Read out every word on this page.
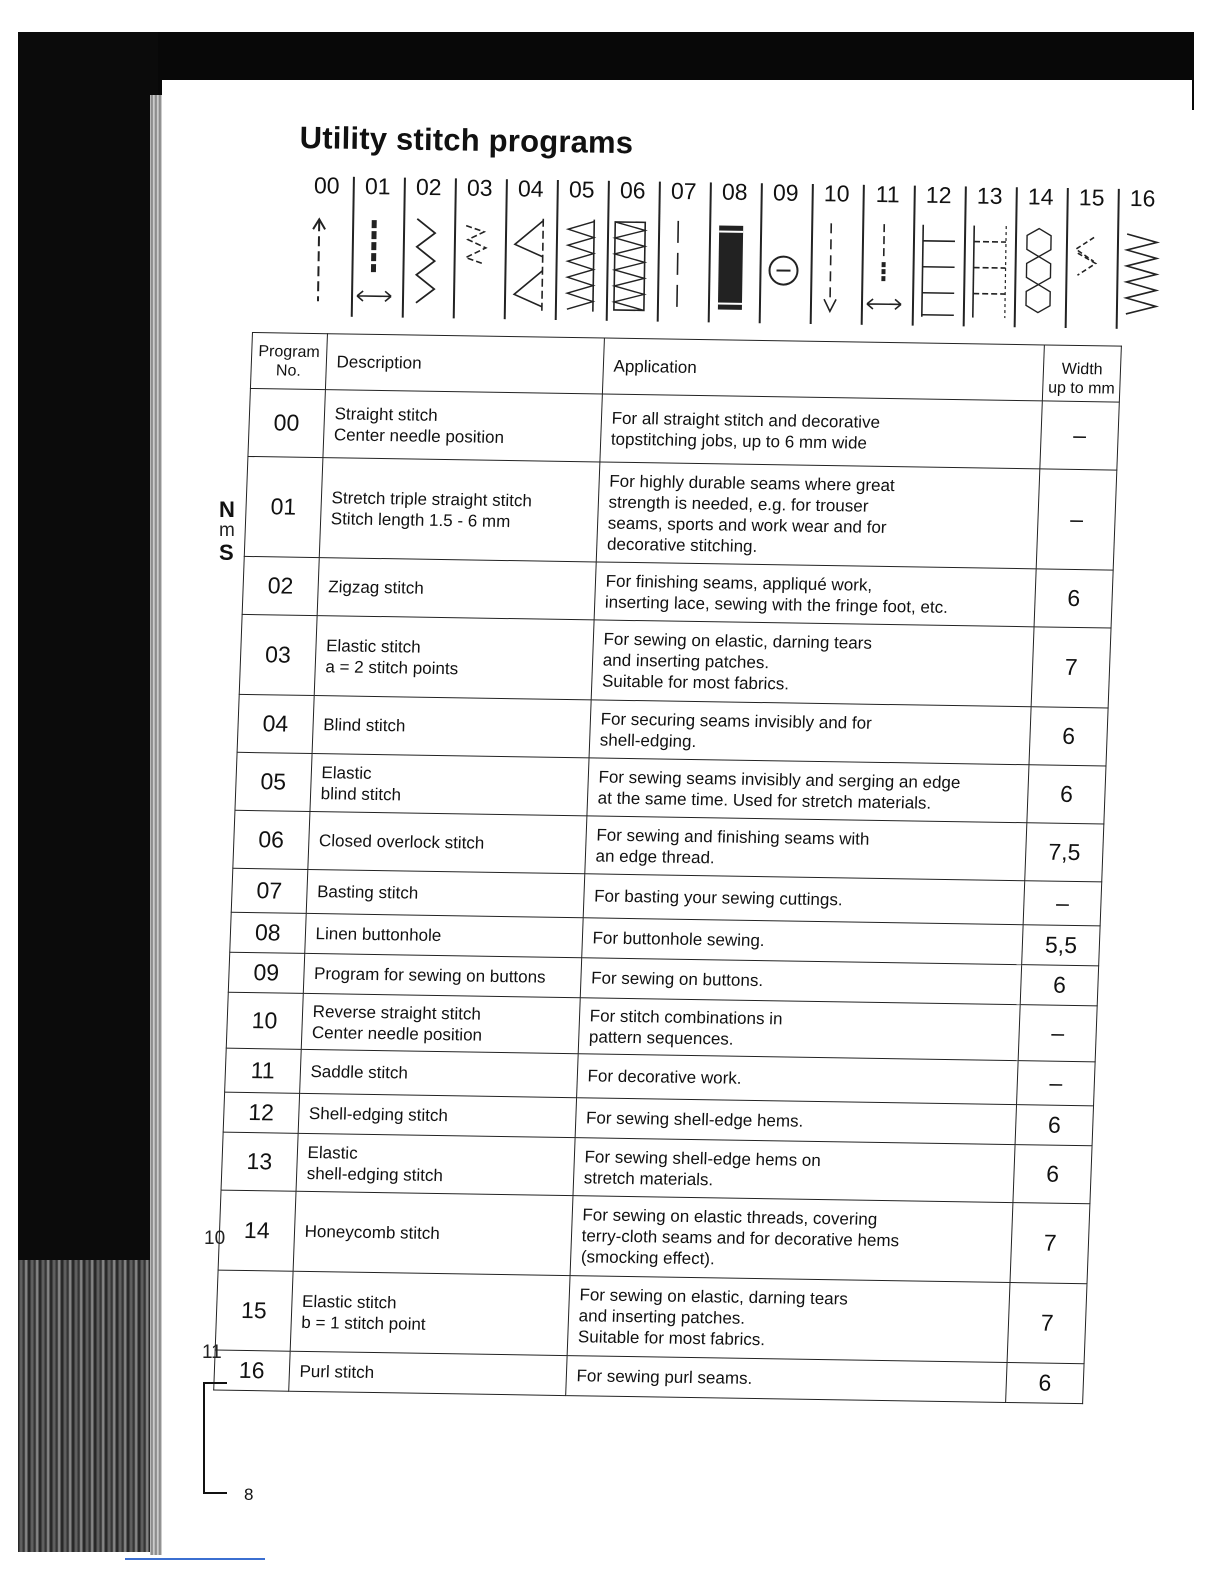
N
m
S
10
11
Utility stitch programs
00	01	02	03	04	05	06	07	08	09	10	11	12	13	14	15	16
Program
No.	Description	Application	Width
up to mm
00	Straight stitch
Center needle position	For all straight stitch and decorative
topstitching jobs, up to 6 mm wide	–
01	Stretch triple straight stitch
Stitch length 1.5 - 6 mm	For highly durable seams where great
strength is needed, e.g. for trouser
seams, sports and work wear and for
decorative stitching.	–
02	Zigzag stitch	For finishing seams, appliqué work,
inserting lace, sewing with the fringe foot, etc.	6
03	Elastic stitch
a = 2 stitch points	For sewing on elastic, darning tears
and inserting patches.
Suitable for most fabrics.	7
04	Blind stitch	For securing seams invisibly and for
shell-edging.	6
05	Elastic
blind stitch	For sewing seams invisibly and serging an edge
at the same time. Used for stretch materials.	6
06	Closed overlock stitch	For sewing and finishing seams with
an edge thread.	7,5
07	Basting stitch	For basting your sewing cuttings.	–
08	Linen buttonhole	For buttonhole sewing.	5,5
09	Program for sewing on buttons	For sewing on buttons.	6
10	Reverse straight stitch
Center needle position	For stitch combinations in
pattern sequences.	–
11	Saddle stitch	For decorative work.	–
12	Shell-edging stitch	For sewing shell-edge hems.	6
13	Elastic
shell-edging stitch	For sewing shell-edge hems on
stretch materials.	6
14	Honeycomb stitch	For sewing on elastic threads, covering
terry-cloth seams and for decorative hems
(smocking effect).	7
15	Elastic stitch
b = 1 stitch point	For sewing on elastic, darning tears
and inserting patches.
Suitable for most fabrics.	7
16	Purl stitch	For sewing purl seams.	6
8
